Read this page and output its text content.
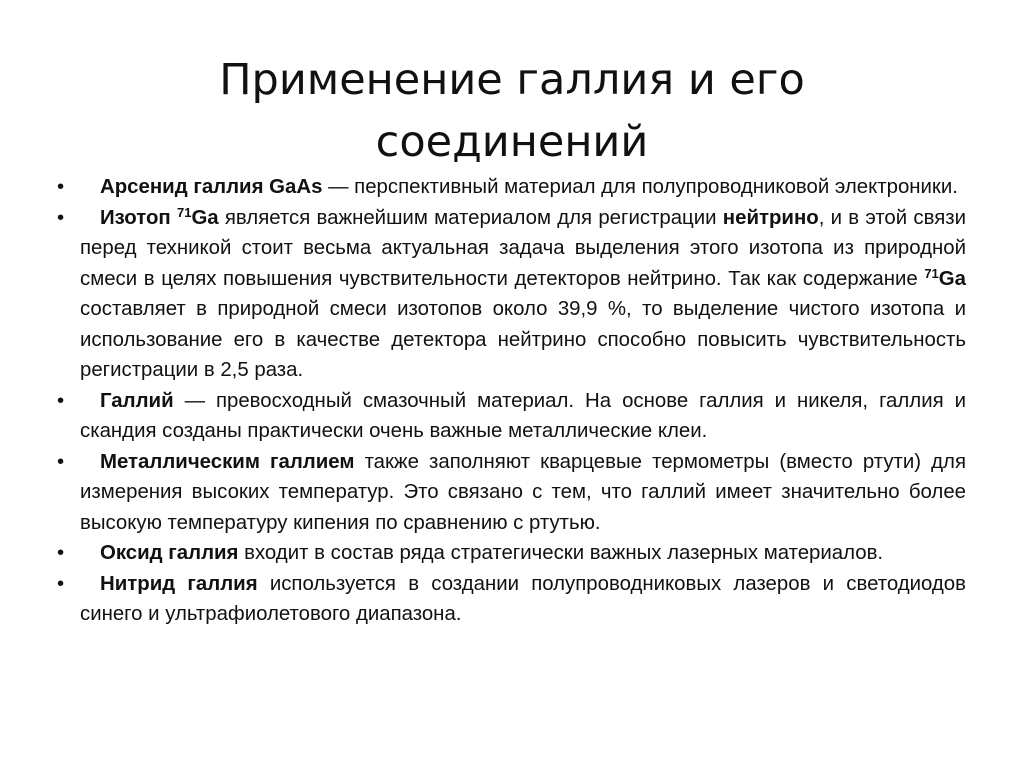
Применение галлия и его
соединений
• Арсенид галлия GaAs — перспективный материал для полупроводниковой электроники.
• Изотоп $^{71}$Ga является важнейшим материалом для регистрации нейтрино, и в этой связи перед техникой стоит весьма актуальная задача выделения этого изотопа из природной смеси в целях повышения чувствительности детекторов нейтрино. Так как содержание $^{71}$Ga составляет в природной смеси изотопов около 39,9 %, то выделение чистого изотопа и использование его в качестве детектора нейтрино способно повысить чувствительность регистрации в 2,5 раза.
• Галлий — превосходный смазочный материал. На основе галлия и никеля, галлия и скандия созданы практически очень важные металлические клеи.
• Металлическим галлием также заполняют кварцевые термометры (вместо ртути) для измерения высоких температур. Это связано с тем, что галлий имеет значительно более высокую температуру кипения по сравнению с ртутью.
• Оксид галлия входит в состав ряда стратегически важных лазерных материалов.
• Нитрид галлия используется в создании полупроводниковых лазеров и светодиодов синего и ультрафиолетового диапазона.
